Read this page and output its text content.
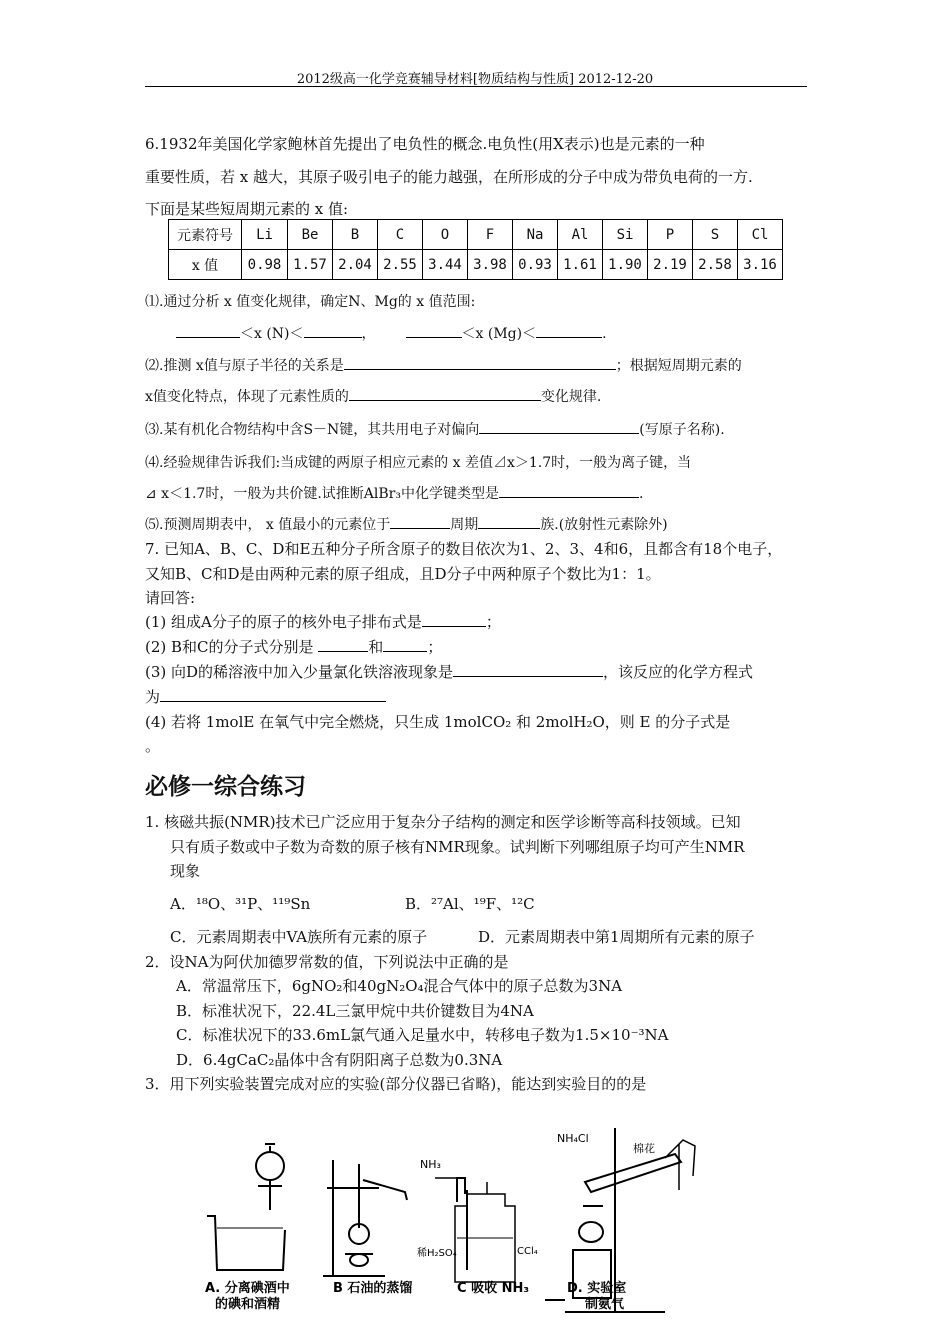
2012级高一化学竞赛辅导材料[物质结构与性质] 2012-12-20
6.1932年美国化学家鲍林首先提出了电负性的概念.电负性(用X表示)也是元素的一种
重要性质，若 x 越大，其原子吸引电子的能力越强，在所形成的分子中成为带负电荷的一方.
下面是某些短周期元素的 x 值:
元素符号	Li	Be	B	C	O	F	Na	Al	Si	P	S	Cl
x 值	0.98	1.57	2.04	2.55	3.44	3.98	0.93	1.61	1.90	2.19	2.58	3.16
⑴.通过分析 x 值变化规律，确定N、Mg的 x 值范围:
＜x (N)＜	，	＜x (Mg)＜	.
⑵.推测 x值与原子半径的关系是	；根据短周期元素的
x值变化特点，体现了元素性质的	变化规律.
⑶.某有机化合物结构中含S－N键，其共用电子对偏向	(写原子名称).
⑷.经验规律告诉我们:当成键的两原子相应元素的 x 差值⊿x＞1.7时，一般为离子键，当
⊿ x＜1.7时，一般为共价键.试推断AlBr₃中化学键类型是	.
⑸.预测周期表中， x 值最小的元素位于	周期	族.(放射性元素除外)
7. 已知A、B、C、D和E五种分子所含原子的数目依次为1、2、3、4和6，且都含有18个电子，
又知B、C和D是由两种元素的原子组成，且D分子中两种原子个数比为1：1。
请回答:
(1) 组成A分子的原子的核外电子排布式是	；
(2) B和C的分子式分别是	和	；
(3) 向D的稀溶液中加入少量氯化铁溶液现象是	，该反应的化学方程式
为
(4) 若将 1molE 在氧气中完全燃烧，只生成 1molCO₂ 和 2molH₂O，则 E 的分子式是
。
必修一综合练习
1. 核磁共振(NMR)技术已广泛应用于复杂分子结构的测定和医学诊断等高科技领域。已知
只有质子数或中子数为奇数的原子核有NMR现象。试判断下列哪组原子均可产生NMR
现象
A．¹⁸O、³¹P、¹¹⁹Sn	B．²⁷Al、¹⁹F、¹²C
C．元素周期表中VA族所有元素的原子	D．元素周期表中第1周期所有元素的原子
2．设NA为阿伏加德罗常数的值，下列说法中正确的是
A．常温常压下，6gNO₂和40gN₂O₄混合气体中的原子总数为3NA
B．标准状况下，22.4L三氯甲烷中共价键数目为4NA
C．标准状况下的33.6mL氯气通入足量水中，转移电子数为1.5×10⁻³NA
D．6.4gCaC₂晶体中含有阴阳离子总数为0.3NA
3．用下列实验装置完成对应的实验(部分仪器已省略)，能达到实验目的的是
NH₃
稀H₂SO₄	CCl₄
NH₄Cl
棉花
A. 分离碘酒中
的碘和酒精
B 石油的蒸馏	C 吸收 NH₃	D. 实验室
制氨气
